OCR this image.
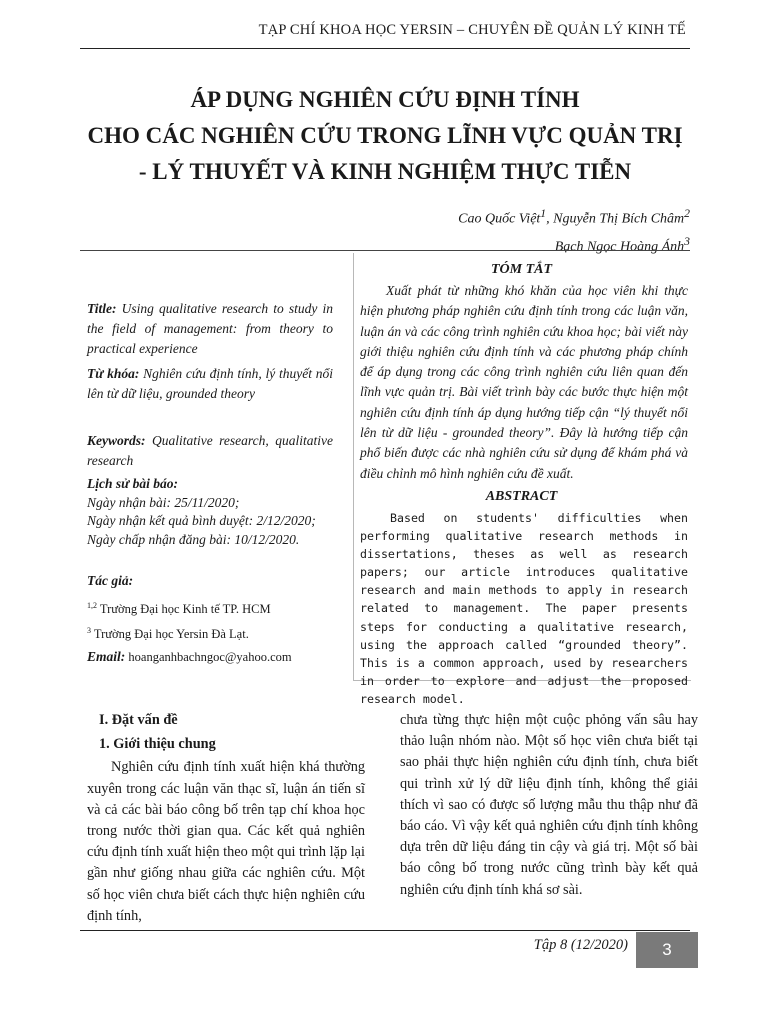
TẠP CHÍ KHOA HỌC YERSIN – CHUYÊN ĐỀ QUẢN LÝ KINH TẾ
ÁP DỤNG NGHIÊN CỨU ĐỊNH TÍNH
CHO CÁC NGHIÊN CỨU TRONG LĨNH VỰC QUẢN TRỊ
- LÝ THUYẾT VÀ KINH NGHIỆM THỰC TIỄN
Cao Quốc Việt$^1$, Nguyễn Thị Bích Châm$^2$
Bạch Ngọc Hoàng Ánh$^3$
TÓM TẮT

Xuất phát từ những khó khăn của học viên khi thực hiện phương pháp nghiên cứu định tính trong các luận văn, luận án và các công trình nghiên cứu khoa học; bài viết này giới thiệu nghiên cứu định tính và các phương pháp chính để áp dụng trong các công trình nghiên cứu liên quan đến lĩnh vực quản trị. Bài viết trình bày các bước thực hiện một nghiên cứu định tính áp dụng hướng tiếp cận “lý thuyết nổi lên từ dữ liệu - grounded theory”. Đây là hướng tiếp cận phổ biến được các nhà nghiên cứu sử dụng để khám phá và điều chỉnh mô hình nghiên cứu đề xuất.

ABSTRACT

Based on students' difficulties when performing qualitative research methods in dissertations, theses as well as research papers; our article introduces qualitative research and main methods to apply in research related to management. The paper presents steps for conducting a qualitative research, using the approach called “grounded theory”. This is a common approach, used by researchers in order to explore and adjust the proposed research model.

Title: Using qualitative research to study in the field of management: from theory to practical experience

Từ khóa: Nghiên cứu định tính, lý thuyết nổi lên từ dữ liệu, grounded theory

Keywords: Qualitative research, qualitative research

Lịch sử bài báo:

Ngày nhận bài: 25/11/2020;

Ngày nhận kết quả bình duyệt: 2/12/2020;

Ngày chấp nhận đăng bài: 10/12/2020.

Tác giả:

$^{1,2}$ Trường Đại học Kinh tế TP. HCM

$^3$ Trường Đại học Yersin Đà Lạt.

Email: hoanganhbachngoc@yahoo.com

I. Đặt vấn đề

1. Giới thiệu chung

Nghiên cứu định tính xuất hiện khá thường xuyên trong các luận văn thạc sĩ, luận án tiến sĩ và cả các bài báo công bố trên tạp chí khoa học trong nước thời gian qua. Các kết quả nghiên cứu định tính xuất hiện theo một qui trình lặp lại gần như giống nhau giữa các nghiên cứu. Một số học viên chưa biết cách thực hiện nghiên cứu định tính,

chưa từng thực hiện một cuộc phỏng vấn sâu hay thảo luận nhóm nào. Một số học viên chưa biết tại sao phải thực hiện nghiên cứu định tính, chưa biết qui trình xử lý dữ liệu định tính, không thể giải thích vì sao có được số lượng mẫu thu thập như đã báo cáo. Vì vậy kết quả nghiên cứu định tính không dựa trên dữ liệu đáng tin cậy và giá trị. Một số bài báo công bố trong nước cũng trình bày kết quả nghiên cứu định tính khá sơ sài.

Tập 8 (12/2020)	3
